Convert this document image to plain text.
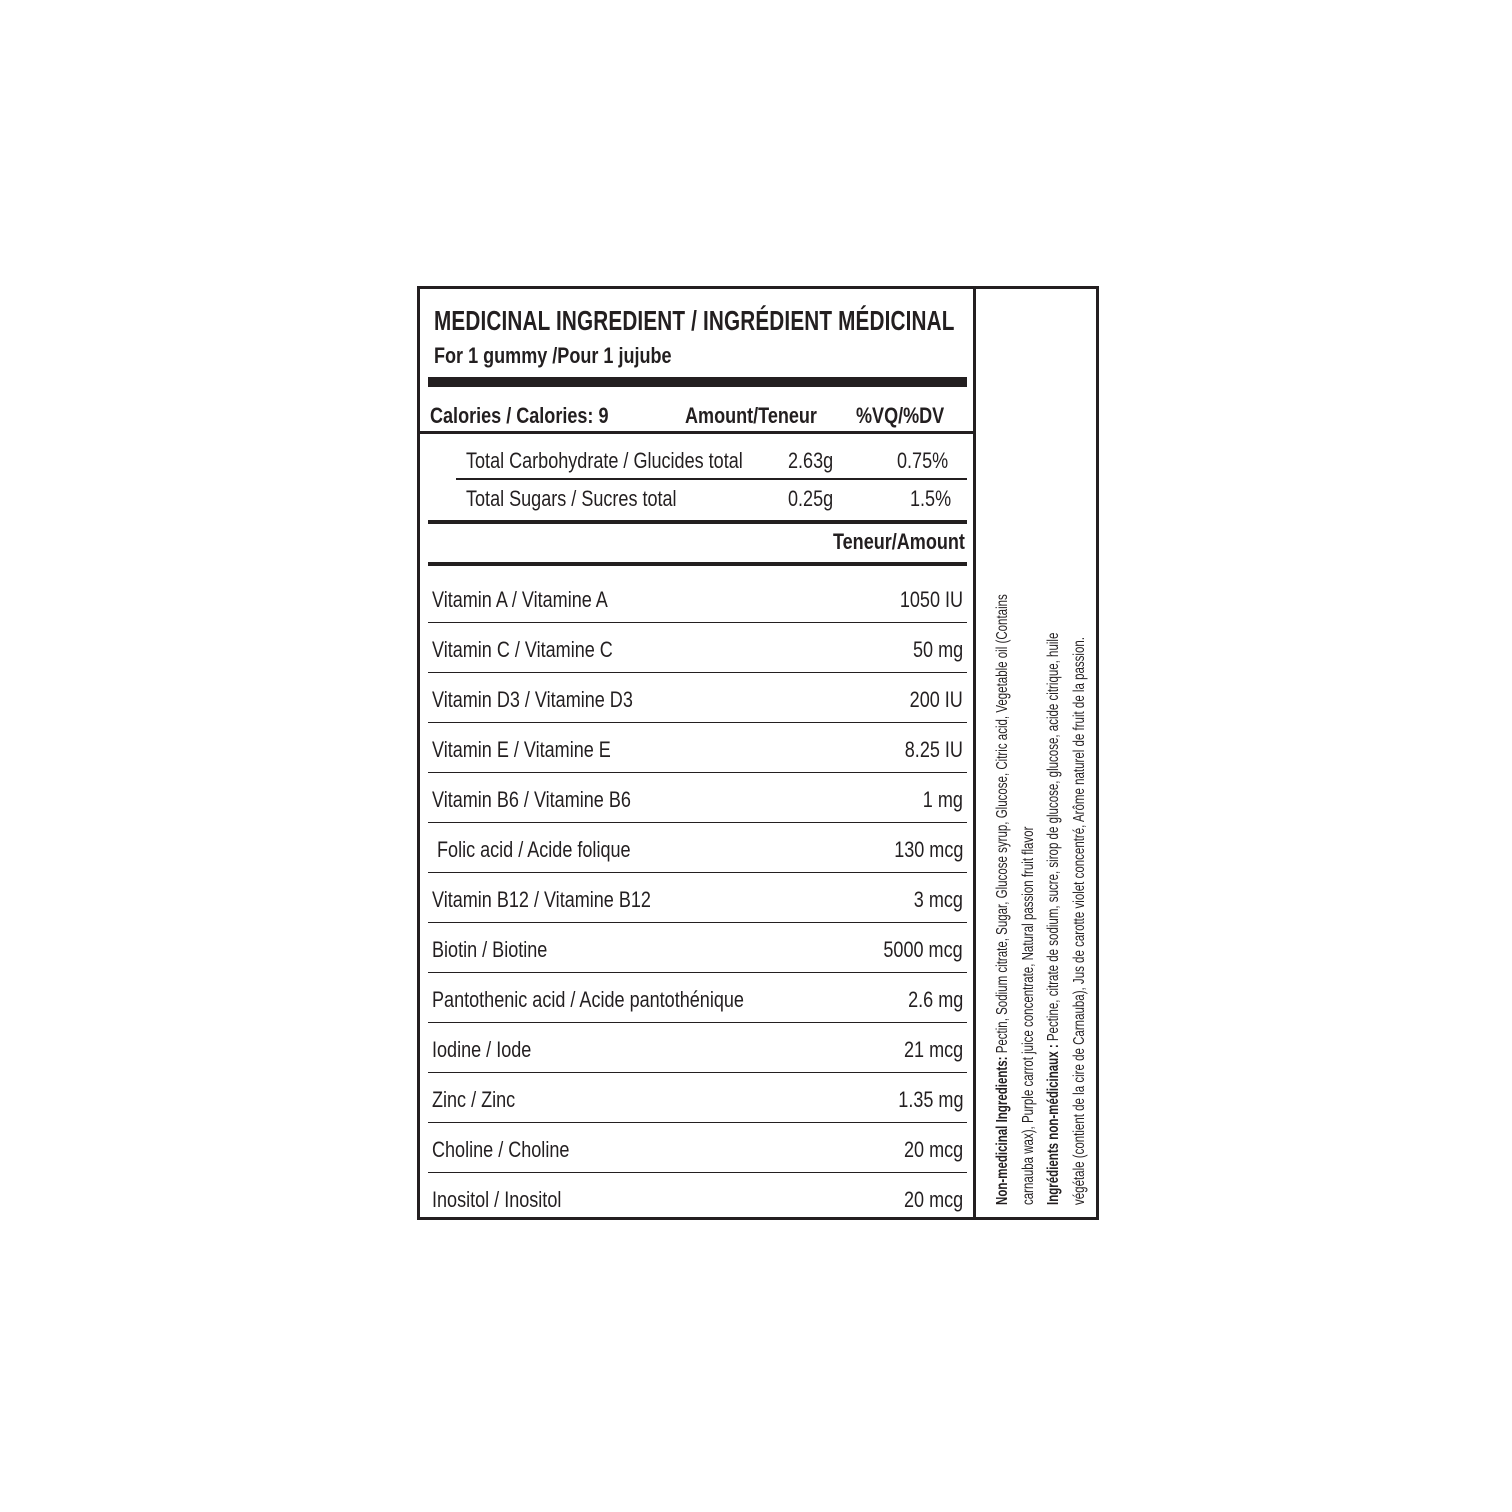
MEDICINAL INGREDIENT / INGRÉDIENT MÉDICINAL
For 1 gummy /Pour 1 jujube
Calories / Calories: 9	Amount/Teneur %VQ/%DV
Total Carbohydrate / Glucides total 2.63g	0.75%
Total Sugars / Sucres total	0.25g	1.5%
Teneur/Amount
Vitamin A / Vitamine A	1050 IU
Vitamin C / Vitamine C	50 mg
Vitamin D3 / Vitamine D3	200 IU
Vitamin E / Vitamine E	8.25 IU
Vitamin B6 / Vitamine B6	1 mg
Folic acid / Acide folique	130 mcg
Vitamin B12 / Vitamine B12	3 mcg
Biotin / Biotine	5000 mcg
Pantothenic acid / Acide pantothénique	2.6 mg
Iodine / Iode	21 mcg
Zinc / Zinc	1.35 mg
Choline / Choline	20 mcg
Inositol / Inositol	20 mcg Non-medicinal Ingredients: Pectin, Sodium citrate, Sugar, Glucose syrup, Glucose, Citric acid, Vegetable oil (Contains carnauba wax), Purple carrot juice concentrate, Natural passion fruit flavor Ingrédients non-médicinaux : Pectine, citrate de sodium, sucre, sirop de glucose, glucose, acide citrique, huile végétale (contient de la cire de Carnauba), Jus de carotte violet concentré, Arôme naturel de fruit de la passion.
